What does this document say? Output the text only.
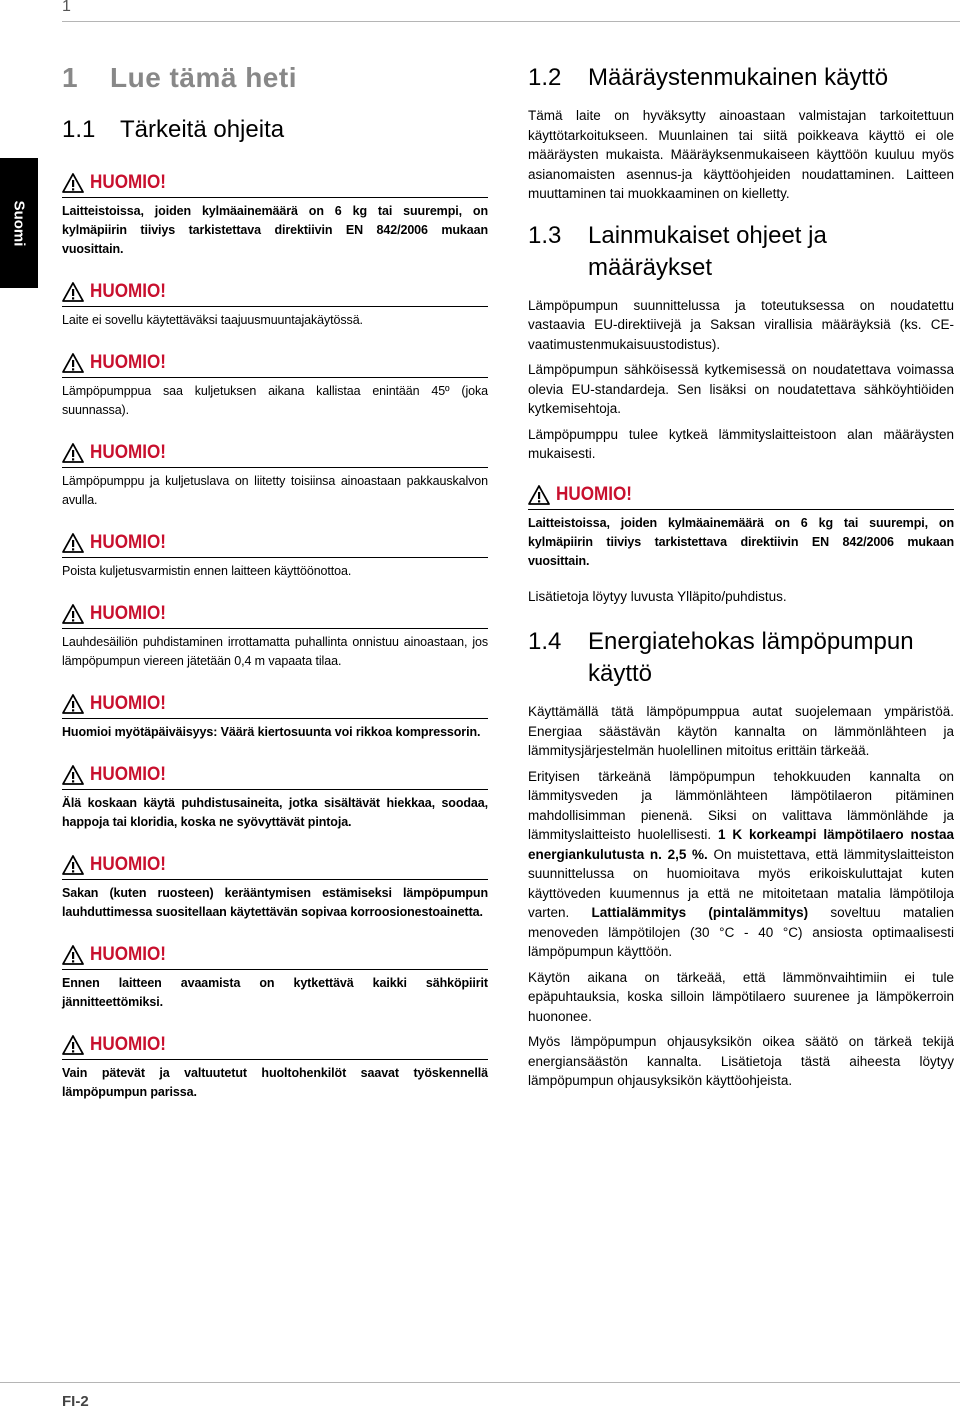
1
Suomi
FI-2
1 Lue tämä heti
1.1 Tärkeitä ohjeita
HUOMIO!
Laitteistoissa, joiden kylmäainemäärä on 6 kg tai suurempi, on kylmäpiirin tiiviys tarkistettava direktiivin EN 842/2006 mukaan vuosittain.
HUOMIO!
Laite ei sovellu käytettäväksi taajuusmuuntajakäytössä.
HUOMIO!
Lämpöpumppua saa kuljetuksen aikana kallistaa enintään 45º (joka suunnassa).
HUOMIO!
Lämpöpumppu ja kuljetuslava on liitetty toisiinsa ainoastaan pakkauskalvon avulla.
HUOMIO!
Poista kuljetusvarmistin ennen laitteen käyttöönottoa.
HUOMIO!
Lauhdesäiliön puhdistaminen irrottamatta puhallinta onnistuu ainoastaan, jos lämpöpumpun viereen jätetään 0,4 m vapaata tilaa.
HUOMIO!
Huomioi myötäpäiväisyys: Väärä kiertosuunta voi rikkoa kompressorin.
HUOMIO!
Älä koskaan käytä puhdistusaineita, jotka sisältävät hiekkaa, soodaa, happoja tai kloridia, koska ne syövyttävät pintoja.
HUOMIO!
Sakan (kuten ruosteen) kerääntymisen estämiseksi lämpöpumpun lauhduttimessa suositellaan käytettävän sopivaa korroosionestoainetta.
HUOMIO!
Ennen laitteen avaamista on kytkettävä kaikki sähköpiirit jännitteettömiksi.
HUOMIO!
Vain pätevät ja valtuutetut huoltohenkilöt saavat työskennellä lämpöpumpun parissa.
1.2	Määräystenmukainen käyttö
Tämä laite on hyväksytty ainoastaan valmistajan tarkoitettuun käyttötarkoitukseen. Muunlainen tai siitä poikkeava käyttö ei ole määräysten mukaista. Määräyksenmukaiseen käyttöön kuuluu myös asianomaisten asennus-ja käyttöohjeiden noudattaminen. Laitteen muuttaminen tai muokkaaminen on kielletty.
1.3	Lainmukaiset ohjeet ja
määräykset
Lämpöpumpun suunnittelussa ja toteutuksessa on noudatettu vastaavia EU-direktiivejä ja Saksan virallisia määräyksiä (ks. CE-vaatimustenmukaisuustodistus).
Lämpöpumpun sähköisessä kytkemisessä on noudatettava voimassa olevia EU-standardeja. Sen lisäksi on noudatettava sähköyhtiöiden kytkemisehtoja.
Lämpöpumppu tulee kytkeä lämmityslaitteistoon alan määräysten mukaisesti.
HUOMIO!
Laitteistoissa, joiden kylmäainemäärä on 6 kg tai suurempi, on kylmäpiirin tiiviys tarkistettava direktiivin EN 842/2006 mukaan vuosittain.
Lisätietoja löytyy luvusta Ylläpito/puhdistus.
1.4	Energiatehokas lämpöpumpun
käyttö
Käyttämällä tätä lämpöpumppua autat suojelemaan ympäristöä. Energiaa säästävän käytön kannalta on lämmönlähteen ja lämmitysjärjestelmän huolellinen mitoitus erittäin tärkeää.
Erityisen tärkeänä lämpöpumpun tehokkuuden kannalta on lämmitysveden ja lämmönlähteen lämpötilaeron pitäminen mahdollisimman pienenä. Siksi on valittava lämmönlähde ja lämmityslaitteisto huolellisesti. 1 K korkeampi lämpötilaero nostaa energiankulutusta n. 2,5 %. On muistettava, että lämmityslaitteiston suunnittelussa on huomioitava myös erikoiskuluttajat kuten käyttöveden kuumennus ja että ne mitoitetaan matalia lämpötiloja varten. Lattialämmitys (pintalämmitys) soveltuu matalien menoveden lämpötilojen (30 °C - 40 °C) ansiosta optimaalisesti lämpöpumpun käyttöön.
Käytön aikana on tärkeää, että lämmönvaihtimiin ei tule epäpuhtauksia, koska silloin lämpötilaero suurenee ja lämpökerroin huononee.
Myös lämpöpumpun ohjausyksikön oikea säätö on tärkeä tekijä energiansäästön kannalta. Lisätietoja tästä aiheesta löytyy lämpöpumpun ohjausyksikön käyttöohjeista.
